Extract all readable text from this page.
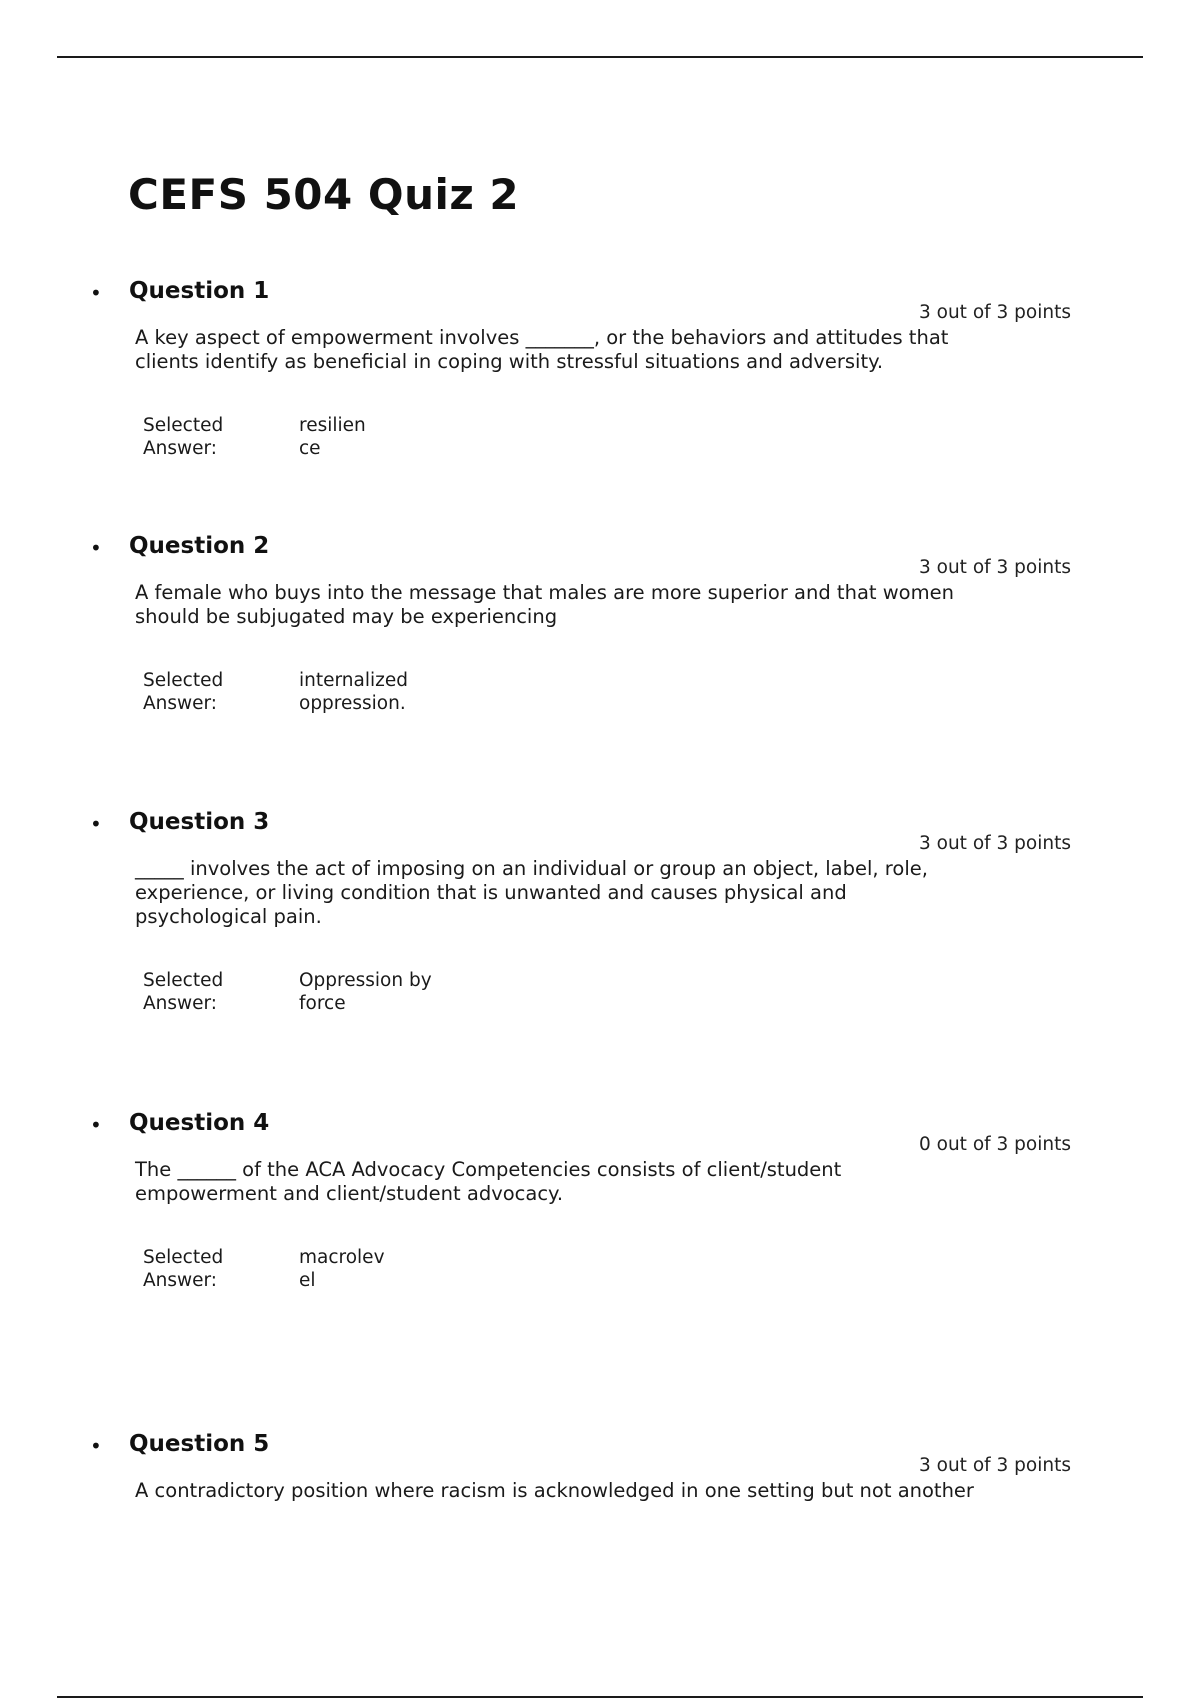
CEFS 504 Quiz 2
• Question 1
3 out of 3 points
A key aspect of empowerment involves _______, or the behaviors and attitudes that clients identify as beneficial in coping with stressful situations and adversity.
Selected Answer:
resilience
• Question 2
3 out of 3 points
A female who buys into the message that males are more superior and that women should be subjugated may be experiencing
Selected Answer:
internalized oppression.
• Question 3
3 out of 3 points
_____ involves the act of imposing on an individual or group an object, label, role, experience, or living condition that is unwanted and causes physical and psychological pain.
Selected Answer:
Oppression by force
• Question 4
0 out of 3 points
The ______ of the ACA Advocacy Competencies consists of client/student empowerment and client/student advocacy.
Selected Answer:
macrolevel
• Question 5
3 out of 3 points
A contradictory position where racism is acknowledged in one setting but not another
